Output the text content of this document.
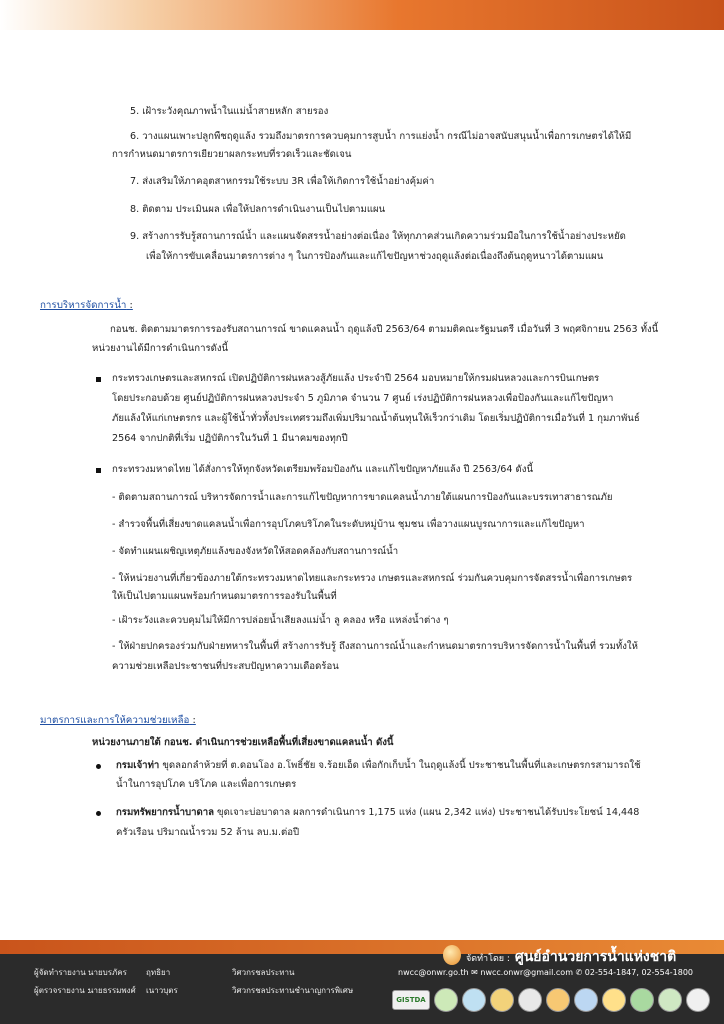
5. เฝ้าระวังคุณภาพน้ำในแม่น้ำสายหลัก สายรอง
6. วางแผนเพาะปลูกพืชฤดูแล้ง รวมถึงมาตรการควบคุมการสูบน้ำ การแย่งน้ำ กรณีไม่อาจสนับสนุนน้ำเพื่อการเกษตรได้ให้มี
การกำหนดมาตรการเยียวยาผลกระทบที่รวดเร็วและชัดเจน
7. ส่งเสริมให้ภาคอุตสาหกรรมใช้ระบบ 3R เพื่อให้เกิดการใช้น้ำอย่างคุ้มค่า
8. ติดตาม ประเมินผล เพื่อให้ปลการดำเนินงานเป็นไปตามแผน
9. สร้างการรับรู้สถานการณ์น้ำ และแผนจัดสรรน้ำอย่างต่อเนื่อง ให้ทุกภาคส่วนเกิดความร่วมมือในการใช้น้ำอย่างประหยัด
เพื่อให้การขับเคลื่อนมาตรการต่าง ๆ ในการป้องกันและแก้ไขปัญหาช่วงฤดูแล้งต่อเนื่องถึงต้นฤดูหนาวได้ตามแผน
การบริหารจัดการน้ำ :
กอนช. ติดตามมาตรการรองรับสถานการณ์ ขาดแคลนน้ำ ฤดูแล้งปี 2563/64 ตามมติคณะรัฐมนตรี เมื่อวันที่ 3 พฤศจิกายน 2563 ทั้งนี้
หน่วยงานได้มีการดำเนินการดังนี้
กระทรวงเกษตรและสหกรณ์ เปิดปฏิบัติการฝนหลวงสู้ภัยแล้ง ประจำปี 2564 มอบหมายให้กรมฝนหลวงและการบินเกษตร
โดยประกอบด้วย ศูนย์ปฏิบัติการฝนหลวงประจำ 5 ภูมิภาค จำนวน 7 ศูนย์ เร่งปฏิบัติการฝนหลวงเพื่อป้องกันและแก้ไขปัญหา
ภัยแล้งให้แก่เกษตรกร และผู้ใช้น้ำทั่วทั้งประเทศรวมถึงเพิ่มปริมาณน้ำต้นทุนให้เร็วกว่าเดิม โดยเริ่มปฏิบัติการเมื่อวันที่ 1 กุมภาพันธ์
2564 จากปกติที่เริ่ม ปฏิบัติการในวันที่ 1 มีนาคมของทุกปี
กระทรวงมหาดไทย ได้สั่งการให้ทุกจังหวัดเตรียมพร้อมป้องกัน และแก้ไขปัญหาภัยแล้ง ปี 2563/64 ดังนี้
- ติดตามสถานการณ์ บริหารจัดการน้ำและการแก้ไขปัญหาการขาดแคลนน้ำภายใต้แผนการป้องกันและบรรเทาสาธารณภัย
- สำรวจพื้นที่เสี่ยงขาดแคลนน้ำเพื่อการอุปโภคบริโภคในระดับหมู่บ้าน ชุมชน เพื่อวางแผนบูรณาการและแก้ไขปัญหา
- จัดทำแผนเผชิญเหตุภัยแล้งของจังหวัดให้สอดคล้องกับสถานการณ์น้ำ
- ให้หน่วยงานที่เกี่ยวข้องภายใต้กระทรวงมหาดไทยและกระทรวง เกษตรและสหกรณ์ ร่วมกันควบคุมการจัดสรรน้ำเพื่อการเกษตร
ให้เป็นไปตามแผนพร้อมกำหนดมาตรการรองรับในพื้นที่
- เฝ้าระวังและควบคุมไม่ให้มีการปล่อยน้ำเสียลงแม่น้ำ ลู คลอง หรือ แหล่งน้ำต่าง ๆ
- ให้ฝ่ายปกครองร่วมกับฝ่ายทหารในพื้นที่ สร้างการรับรู้ ถึงสถานการณ์น้ำและกำหนดมาตรการบริหารจัดการน้ำในพื้นที่ รวมทั้งให้
ความช่วยเหลือประชาชนที่ประสบปัญหาความเดือดร้อน
มาตรการและการให้ความช่วยเหลือ :
หน่วยงานภายใต้ กอนช. ดำเนินการช่วยเหลือพื้นที่เสี่ยงขาดแคลนน้ำ ดังนี้
กรมเจ้าท่า ขุดลอกลำห้วยที่ ต.ดอนโอง อ.โพธิ์ชัย จ.ร้อยเอ็ด เพื่อกักเก็บน้ำ ในฤดูแล้งนี้ ประชาชนในพื้นที่และเกษตรกรสามารถใช้
น้ำในการอุปโภค บริโภค และเพื่อการเกษตร
กรมทรัพยากรน้ำบาดาล ขุดเจาะบ่อบาดาล ผลการดำเนินการ 1,175 แห่ง (แผน 2,342 แห่ง) ประชาชนได้รับประโยชน์ 14,448
ครัวเรือน ปริมาณน้ำรวม 52 ล้าน ลบ.ม.ต่อปี
ผู้จัดทำรายงาน :
นายบรภัคร ฤทธิยา	วิศวกรชลประทาน
ผู้ตรวจรายงาน :
นายธรรมพงศ์ เนาวบุตร	วิศวกรชลประทานชำนาญการพิเศษ
จัดทำโดย : ศูนย์อำนวยการน้ำแห่งชาติ
nwcc@onwr.go.th ✉ nwcc.onwr@gmail.com ✆ 02-554-1847, 02-554-1800
GISTDA
